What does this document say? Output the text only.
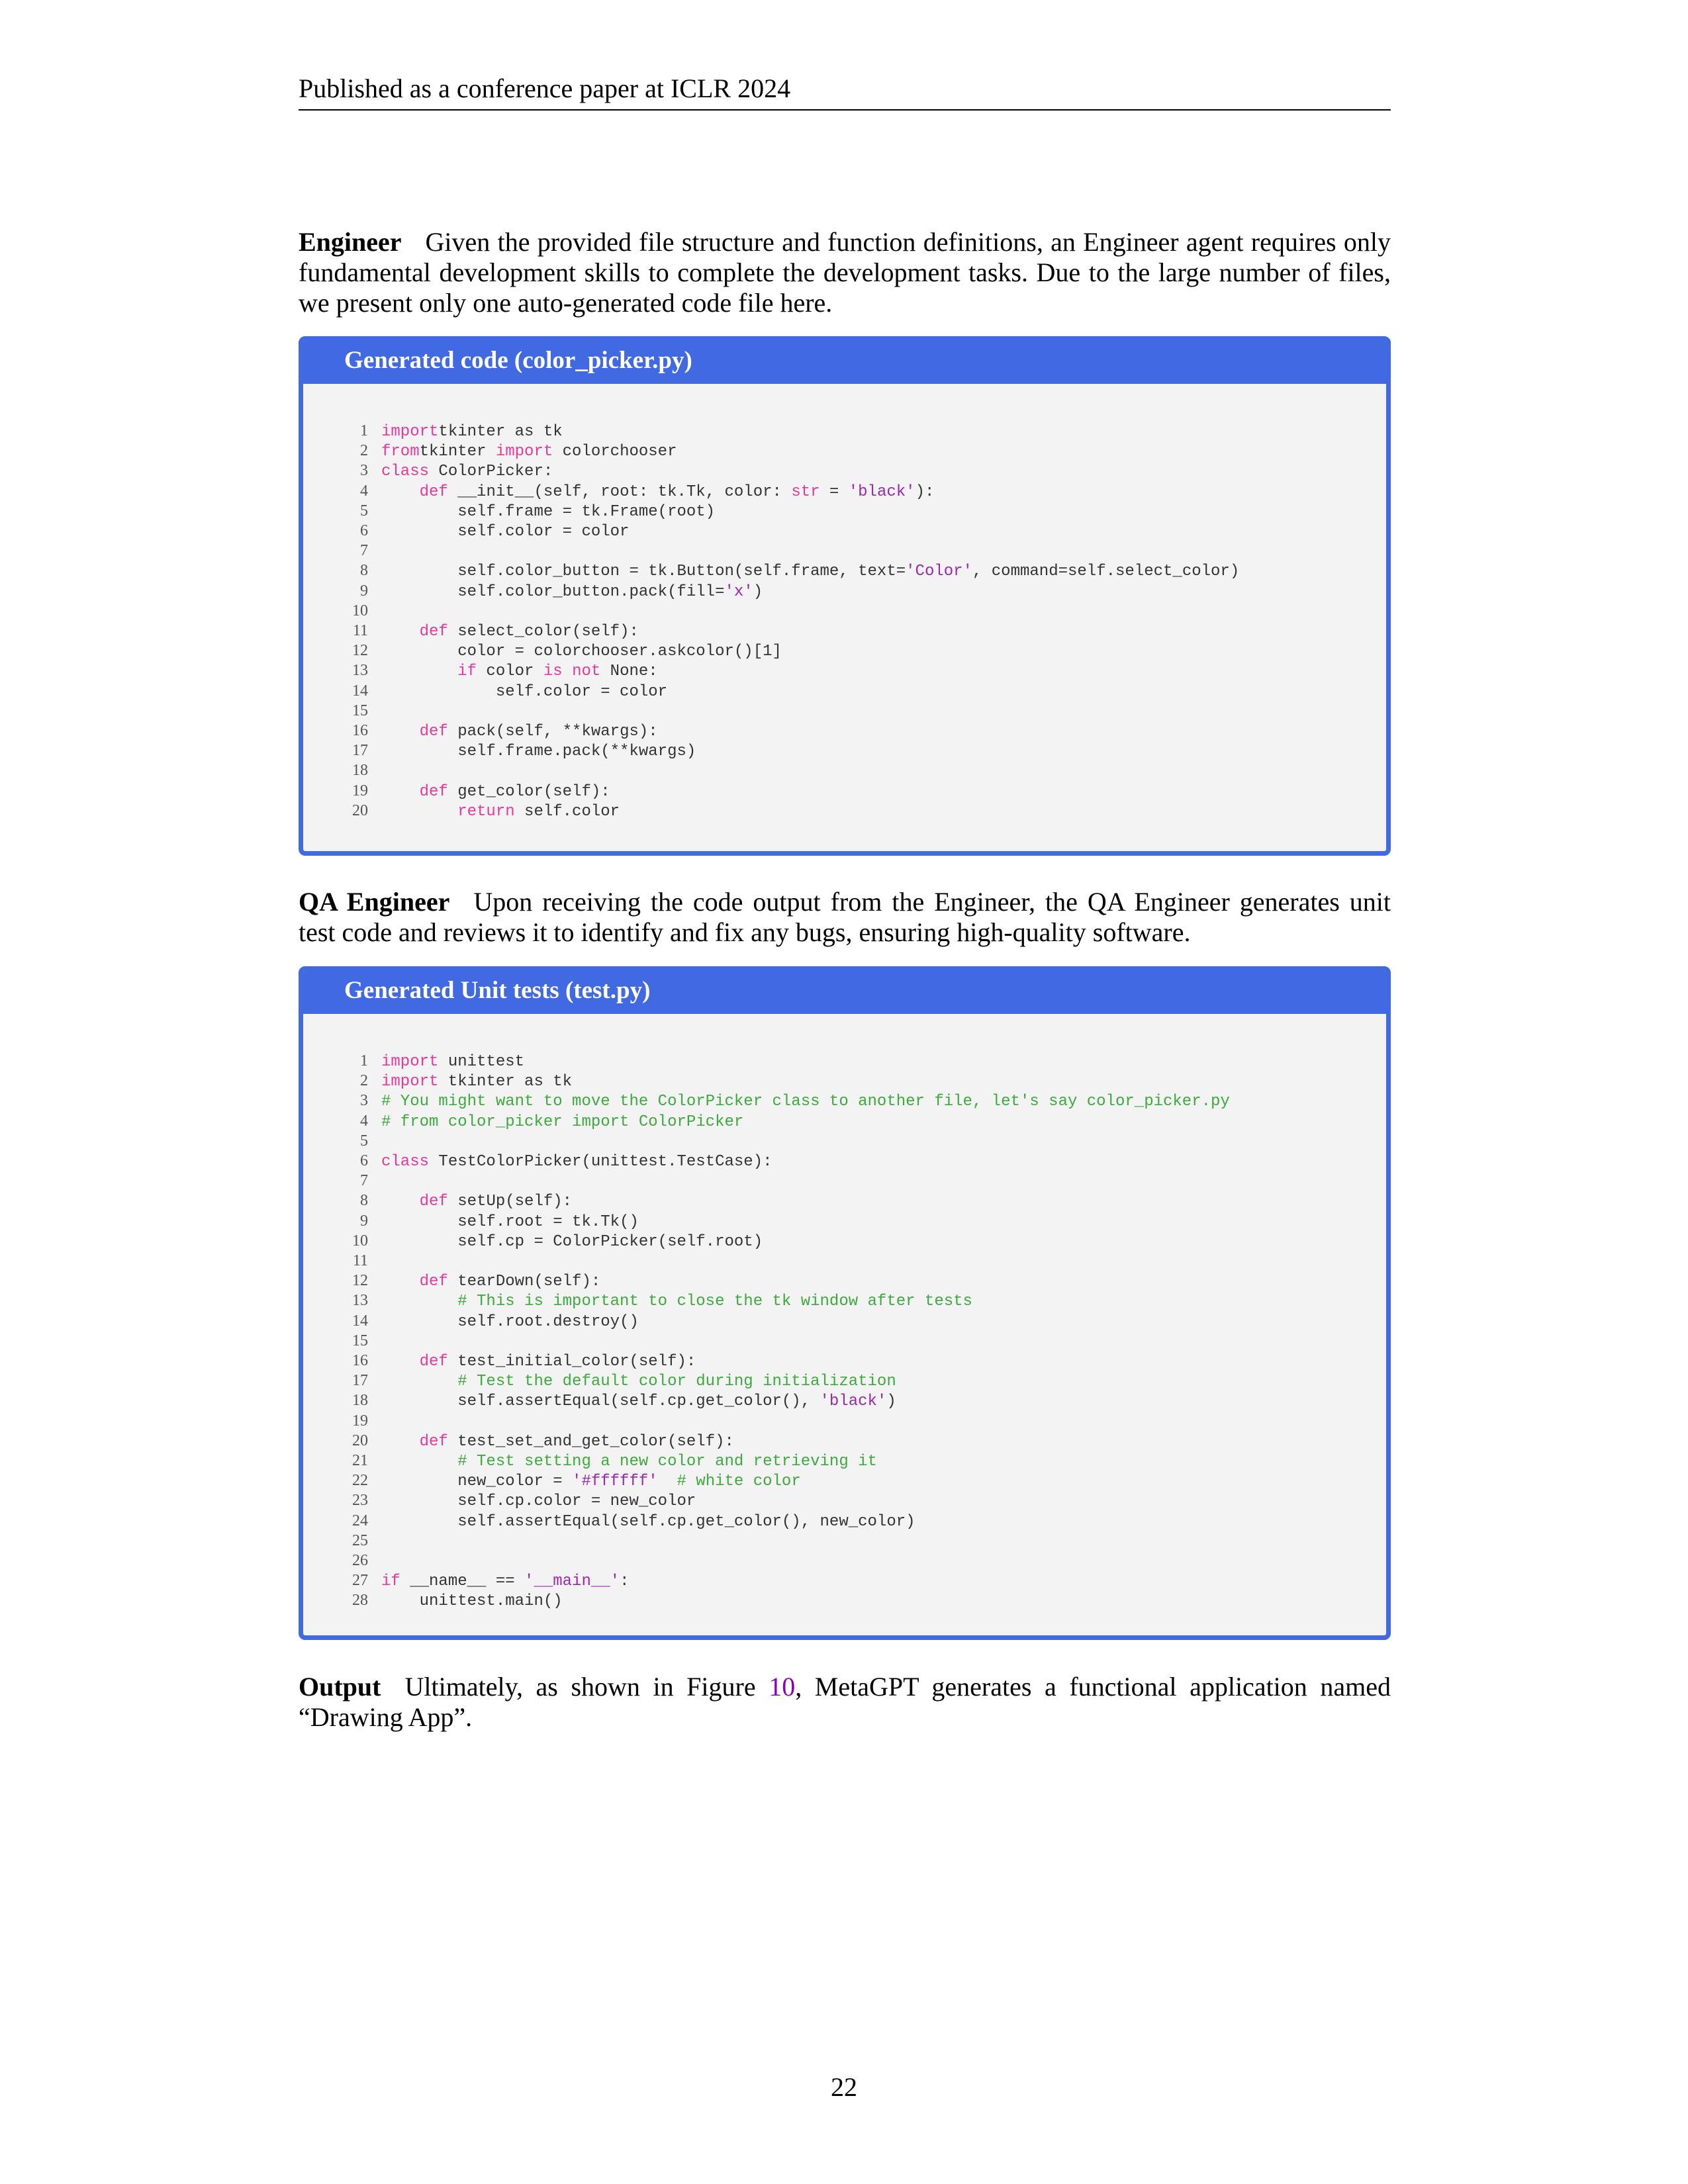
Published as a conference paper at ICLR 2024
Engineer Given the provided file structure and function definitions, an Engineer agent requires only fundamental development skills to complete the development tasks. Due to the large number of files, we present only one auto-generated code file here.
Generated code (color_picker.py)
1 importtkinter as tk
2 fromtkinter import colorchooser
3 class ColorPicker:
4	def __init__(self, root: tk.Tk, color: str = 'black'):
5        self.frame = tk.Frame(root)
6        self.color = color
7
8        self.color_button = tk.Button(self.frame, text='Color', command=self.select_color)
9        self.color_button.pack(fill='x')
10
11	def select_color(self):
12        color = colorchooser.askcolor()[1]
13	if color is not None:
14            self.color = color
15
16	def pack(self, **kwargs):
17        self.frame.pack(**kwargs)
18
19	def get_color(self):
20	return self.color
QA Engineer Upon receiving the code output from the Engineer, the QA Engineer generates unit test code and reviews it to identify and fix any bugs, ensuring high-quality software.
Generated Unit tests (test.py)
1 import unittest
2 import tkinter as tk
3 # You might want to move the ColorPicker class to another file, let's say color_picker.py
4 # from color_picker import ColorPicker
5
6 class TestColorPicker(unittest.TestCase):
7
8	def setUp(self):
9        self.root = tk.Tk()
10        self.cp = ColorPicker(self.root)
11
12	def tearDown(self):
13	# This is important to close the tk window after tests
14        self.root.destroy()
15
16	def test_initial_color(self):
17	# Test the default color during initialization
18        self.assertEqual(self.cp.get_color(), 'black')
19
20	def test_set_and_get_color(self):
21	# Test setting a new color and retrieving it
22        new_color = '#ffffff' # white color
23        self.cp.color = new_color
24        self.assertEqual(self.cp.get_color(), new_color)
25
26
27 if __name__ == '__main__':
28    unittest.main()
Output Ultimately, as shown in Figure 10, MetaGPT generates a functional application named “Drawing App”.
22
